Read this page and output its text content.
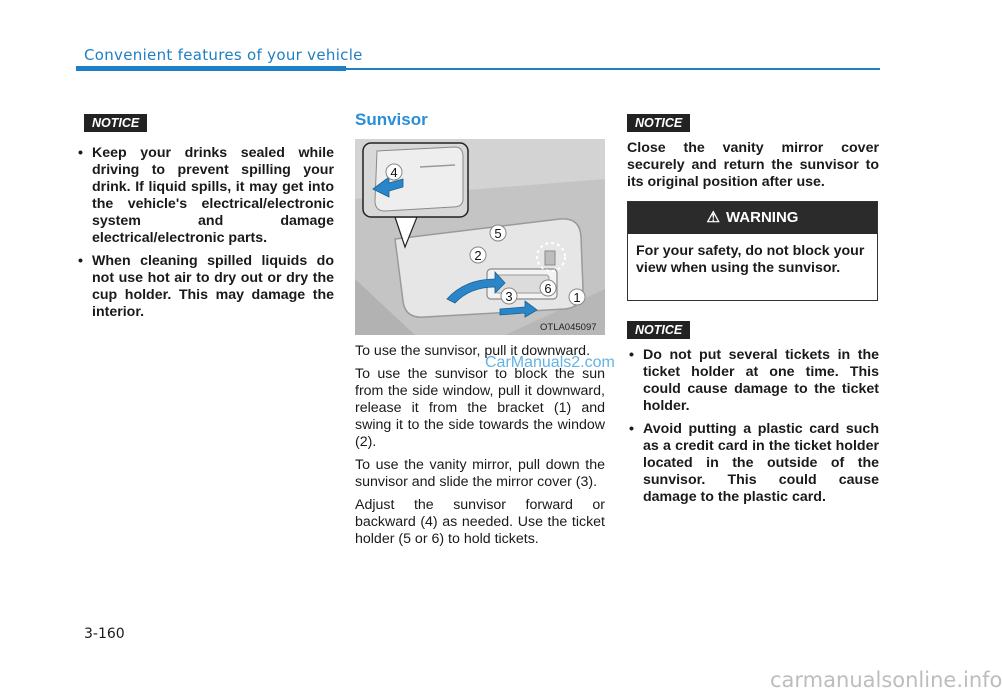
Convenient features of your vehicle
NOTICE
• Keep your drinks sealed while driving to prevent spilling your drink. If liquid spills, it may get into the vehicle's electrical/electronic system and damage electrical/electronic parts.
• When cleaning spilled liquids do not use hot air to dry out or dry the cup holder. This may damage the interior.
Sunvisor
4
5
2
3
6
1
OTLA045097

To use the sunvisor, pull it downward.

To use the sunvisor to block the sun from the side window, pull it downward, release it from the bracket (1) and swing it to the side towards the window (2).

To use the vanity mirror, pull down the sunvisor and slide the mirror cover (3).

Adjust the sunvisor forward or backward (4) as needed. Use the ticket holder (5 or 6) to hold tickets.

CarManuals2.com
NOTICE
Close the vanity mirror cover securely and return the sunvisor to its original position after use.
⚠ WARNING
For your safety, do not block your view when using the sunvisor.
NOTICE
• Do not put several tickets in the ticket holder at one time. This could cause damage to the ticket holder.
• Avoid putting a plastic card such as a credit card in the ticket holder located in the outside of the sunvisor. This could cause damage to the plastic card.
3-160
carmanualsonline.info
